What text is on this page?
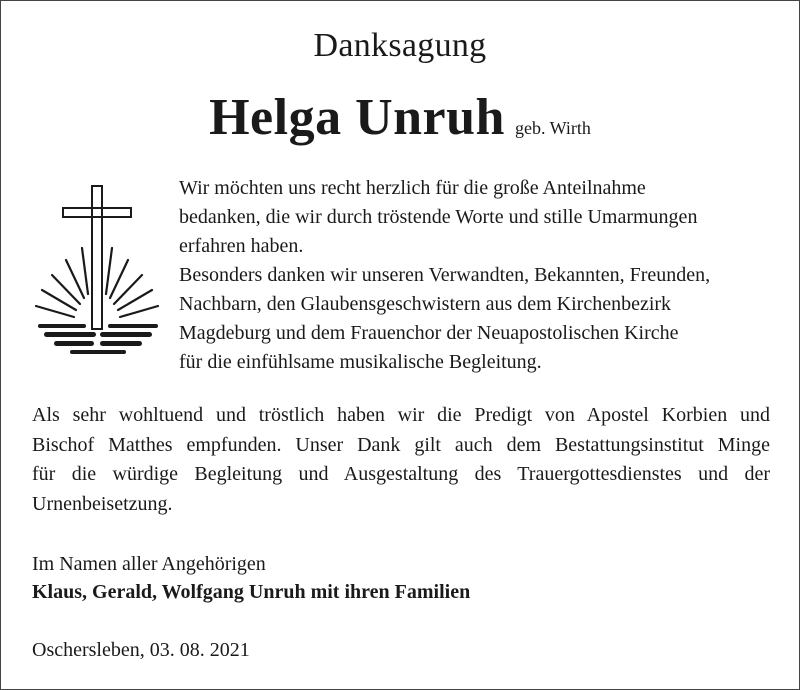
Danksagung
Helga Unruh geb. Wirth

Wir möchten uns recht herzlich für die große Anteilnahme
bedanken, die wir durch tröstende Worte und stille Umarmungen
erfahren haben.
Besonders danken wir unseren Verwandten, Bekannten, Freunden,
Nachbarn, den Glaubensgeschwistern aus dem Kirchenbezirk
Magdeburg und dem Frauenchor der Neuapostolischen Kirche
für die einfühlsame musikalische Begleitung.

Als sehr wohltuend und tröstlich haben wir die Predigt von Apostel Korbien und
Bischof Matthes empfunden. Unser Dank gilt auch dem Bestattungsinstitut Minge
für die würdige Begleitung und Ausgestaltung des Trauergottesdienstes und der
Urnenbeisetzung.

Im Namen aller Angehörigen
Klaus, Gerald, Wolfgang Unruh mit ihren Familien
Oschersleben, 03. 08. 2021
